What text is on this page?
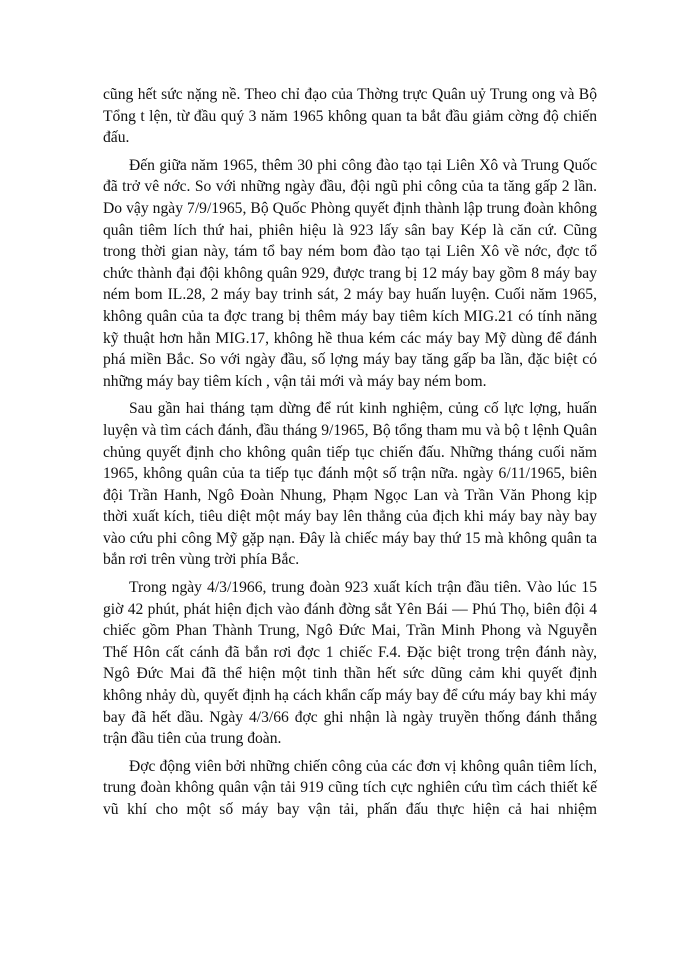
cũng hết sức nặng nề. Theo chỉ đạo của Thờng trực Quân uỷ Trung ong và Bộ Tổng t lện, từ đầu quý 3 năm 1965 không quan ta bắt đầu giảm cờng độ chiến đấu.

Đến giữa năm 1965, thêm 30 phi công đào tạo tại Liên Xô và Trung Quốc đã trở vê nớc. So với những ngày đầu, đội ngũ phi công của ta tăng gấp 2 lần. Do vậy ngày 7/9/1965, Bộ Quốc Phòng quyết định thành lập trung đoàn không quân tiêm lích thứ hai, phiên hiệu là 923 lấy sân bay Kép là căn cứ. Cũng trong thời gian này, tám tổ bay ném bom đào tạo tại Liên Xô về nớc, đợc tổ chức thành đại đội không quân 929, được trang bị 12 máy bay gồm 8 máy bay ném bom IL.28, 2 máy bay trinh sát, 2 máy bay huấn luyện. Cuối năm 1965, không quân của ta đợc trang bị thêm máy bay tiêm kích MIG.21 có tính năng kỹ thuật hơn hẳn MIG.17, không hề thua kém các máy bay Mỹ dùng để đánh phá miền Bắc. So với ngày đầu, số lợng máy bay tăng gấp ba lần, đặc biệt có những máy bay tiêm kích , vận tải mới và máy bay ném bom.

Sau gần hai tháng tạm dừng để rút kinh nghiệm, củng cố lực lợng, huấn luyện và tìm cách đánh, đầu tháng 9/1965, Bộ tổng tham mu và bộ t lệnh Quân chủng quyết định cho không quân tiếp tục chiến đấu. Những tháng cuối năm 1965, không quân của ta tiếp tục đánh một số trận nữa. ngày 6/11/1965, biên đội Trần Hanh, Ngô Đoàn Nhung, Phạm Ngọc Lan và Trần Văn Phong kịp thời xuất kích, tiêu diệt một máy bay lên thẳng của địch khi máy bay này bay vào cứu phi công Mỹ gặp nạn. Đây là chiếc máy bay thứ 15 mà không quân ta bắn rơi trên vùng trời phía Bắc.

Trong ngày 4/3/1966, trung đoàn 923 xuất kích trận đầu tiên. Vào lúc 15 giờ 42 phút, phát hiện địch vào đánh đờng sắt Yên Bái — Phú Thọ, biên đội 4 chiếc gồm Phan Thành Trung, Ngô Đức Mai, Trần Minh Phong và Nguyễn Thế Hôn cất cánh đã bắn rơi đợc 1 chiếc F.4. Đặc biệt trong trện đánh này, Ngô Đức Mai đã thể hiện một tinh thần hết sức dũng cảm khi quyết định không nhảy dù, quyết định hạ cách khẩn cấp máy bay để cứu máy bay khi máy bay đã hết dầu. Ngày 4/3/66 đợc ghi nhận là ngày truyền thống đánh thắng trận đầu tiên của trung đoàn.

Đợc động viên bởi những chiến công của các đơn vị không quân tiêm lích, trung đoàn không quân vận tải 919 cũng tích cực nghiên cứu tìm cách thiết kế vũ khí cho một số máy bay vận tải, phấn đấu thực hiện cả hai nhiệm
